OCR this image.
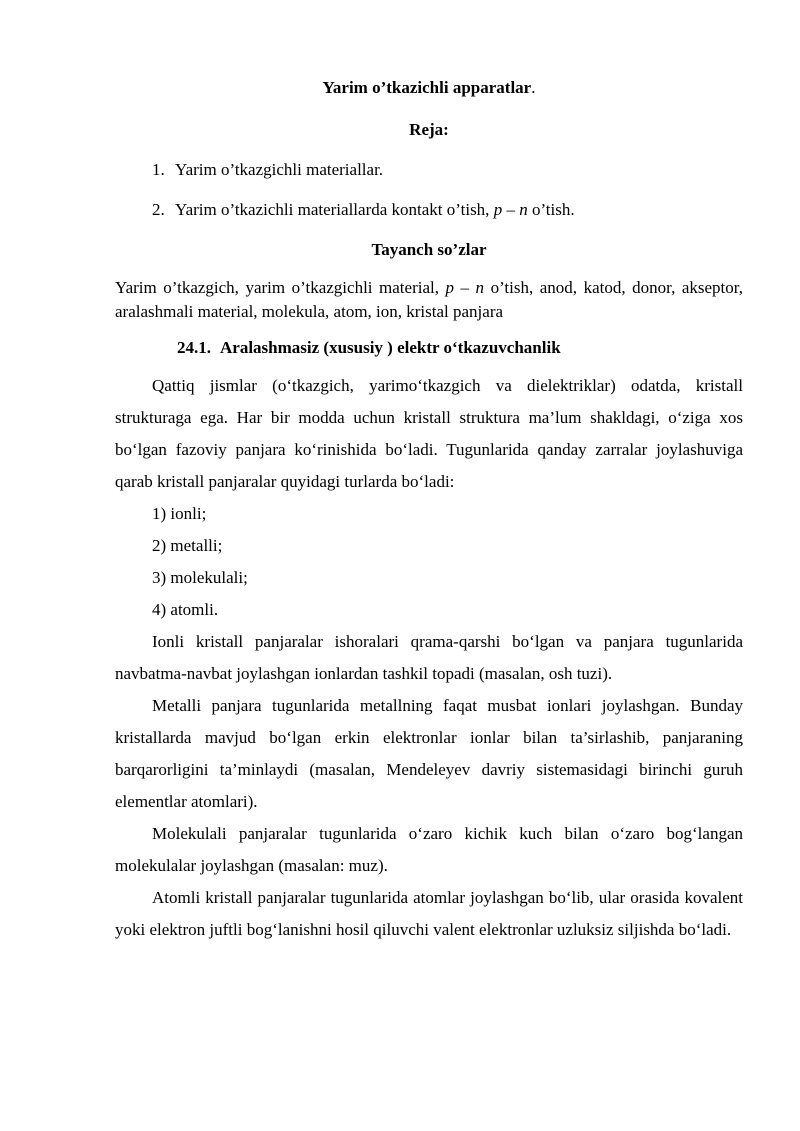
Yarim o’tkazichli apparatlar.
Reja:
1. Yarim o’tkazgichli materiallar.
2. Yarim o’tkazichli materiallarda kontakt o’tish, p – n o’tish.
Tayanch so’zlar

Yarim o’tkazgich, yarim o’tkazgichli material, p – n o’tish, anod, katod, donor, akseptor, aralashmali material, molekula, atom, ion, kristal panjara

24.1. Aralashmasiz (xususiy ) elektr o‘tkazuvchanlik

Qattiq jismlar (o‘tkazgich, yarimo‘tkazgich va dielektriklar) odatda, kristall strukturaga ega. Har bir modda uchun kristall struktura ma’lum shakldagi, o‘ziga xos bo‘lgan fazoviy panjara ko‘rinishida bo‘ladi. Tugunlarida qanday zarralar joylashuviga qarab kristall panjaralar quyidagi turlarda bo‘ladi:

1) ionli;

2) metalli;

3) molekulali;

4) atomli.

Ionli kristall panjaralar ishoralari qrama-qarshi bo‘lgan va panjara tugunlarida navbatma-navbat joylashgan ionlardan tashkil topadi (masalan, osh tuzi).

Metalli panjara tugunlarida metallning faqat musbat ionlari joylashgan. Bunday kristallarda mavjud bo‘lgan erkin elektronlar ionlar bilan ta’sirlashib, panjaraning barqarorligini ta’minlaydi (masalan, Mendeleyev davriy sistemasidagi birinchi guruh elementlar atomlari).

Molekulali panjaralar tugunlarida o‘zaro kichik kuch bilan o‘zaro bog‘langan molekulalar joylashgan (masalan: muz).

Atomli kristall panjaralar tugunlarida atomlar joylashgan bo‘lib, ular orasida kovalent yoki elektron juftli bog‘lanishni hosil qiluvchi valent elektronlar uzluksiz siljishda bo‘ladi.
